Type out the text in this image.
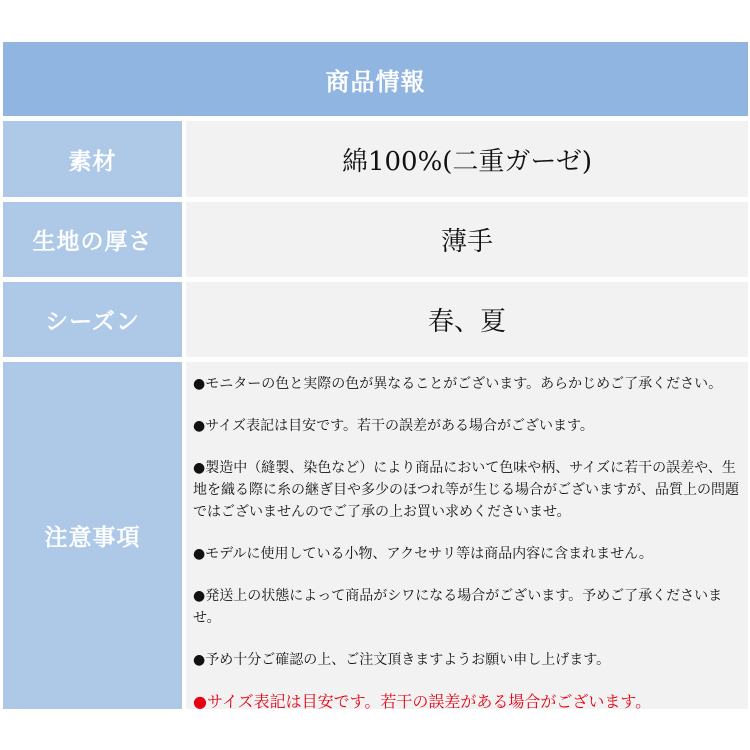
商品情報
素材	綿100%(二重ガーゼ)
生地の厚さ	薄手
シーズン	春、夏
注意事項

●モニターの色と実際の色が異なることがございます。あらかじめご了承ください。

●サイズ表記は目安です。若干の誤差がある場合がございます。

●製造中（縫製、染色など）により商品において色味や柄、サイズに若干の誤差や、生地を織る際に糸の継ぎ目や多少のほつれ等が生じる場合がございますが、品質上の問題ではございませんのでご了承の上お買い求めくださいませ。

●モデルに使用している小物、アクセサリ等は商品内容に含まれません。

●発送上の状態によって商品がシワになる場合がございます。予めご了承くださいませ。

●予め十分ご確認の上、ご注文頂きますようお願い申し上げます。

●サイズ表記は目安です。若干の誤差がある場合がございます。
